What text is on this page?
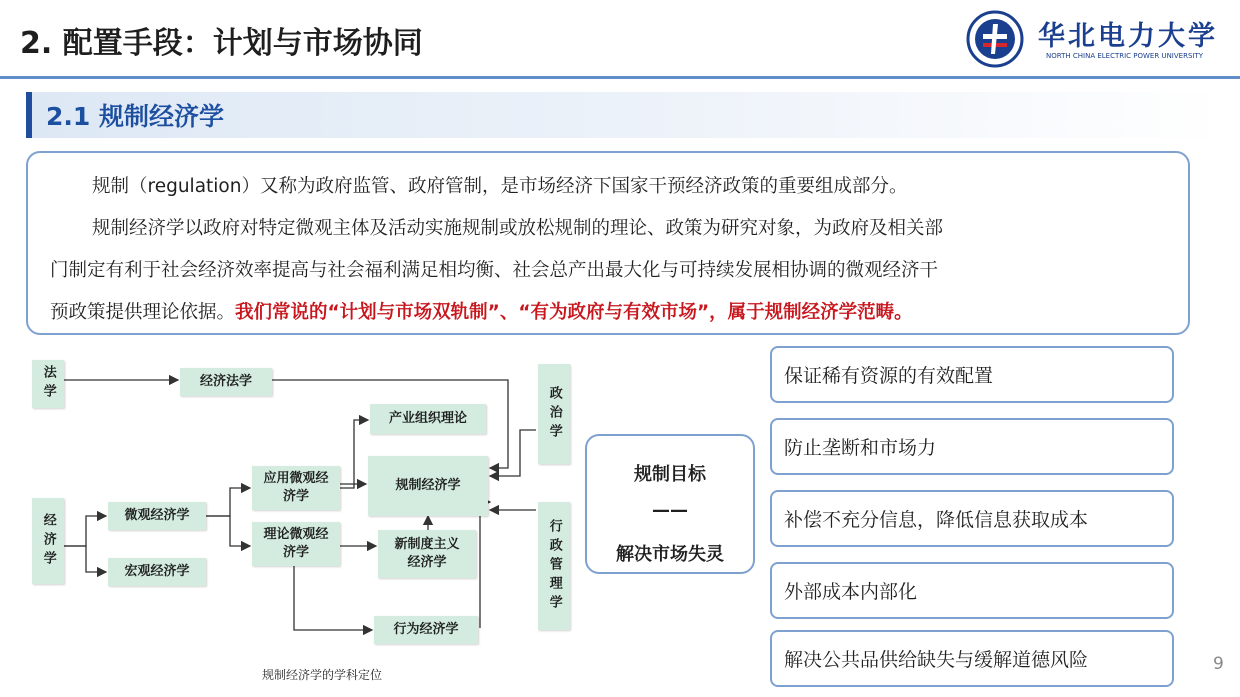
2. 配置手段：计划与市场协同	华北电力大学
NORTH CHINA ELECTRIC POWER UNIVERSITY
2.1 规制经济学
规制（regulation）又称为政府监管、政府管制，是市场经济下国家干预经济政策的重要组成部分。
规制经济学以政府对特定微观主体及活动实施规制或放松规制的理论、政策为研究对象，为政府及相关部
门制定有利于社会经济效率提高与社会福利满足相均衡、社会总产出最大化与可持续发展相协调的微观经济干
预政策提供理论依据。我们常说的“计划与市场双轨制”、“有为政府与有效市场”，属于规制经济学范畴。
法学	经济法学
经济学	微观经济学
宏观经济学
应用微观经济学
理论微观经济学
产业组织理论
规制经济学
新制度主义经济学
行为经济学
政治学
行政管理学
规制经济学的学科定位
规制目标
——
解决市场失灵
保证稀有资源的有效配置
防止垄断和市场力
补偿不充分信息，降低信息获取成本
外部成本内部化
解决公共品供给缺失与缓解道德风险	9
